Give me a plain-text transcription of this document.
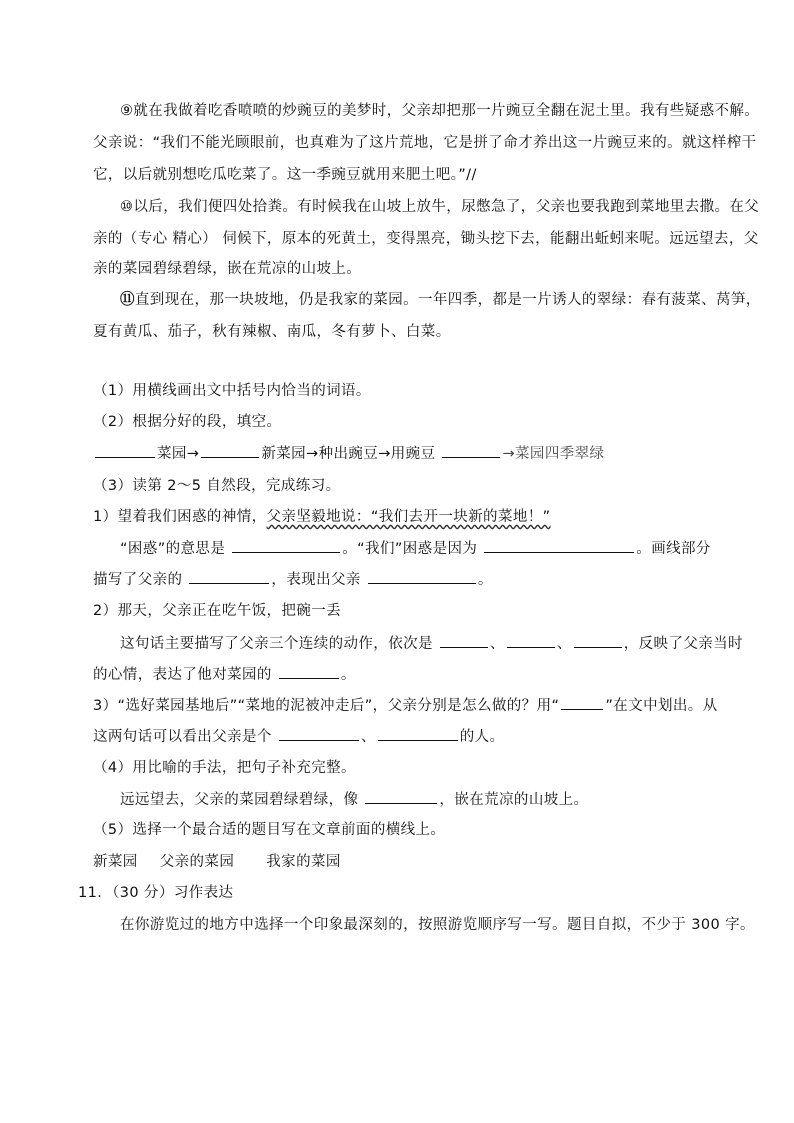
⑨就在我做着吃香喷喷的炒豌豆的美梦时，父亲却把那一片豌豆全翻在泥土里。我有些疑惑不解。
父亲说：“我们不能光顾眼前，也真难为了这片荒地，它是拼了命才养出这一片豌豆来的。就这样榨干
它，以后就别想吃瓜吃菜了。这一季豌豆就用来肥土吧。”//
⑩以后，我们便四处拾粪。有时候我在山坡上放牛，尿憋急了，父亲也要我跑到菜地里去撒。在父
亲的（专心 精心） 伺候下，原本的死黄土，变得黑亮，锄头挖下去，能翻出蚯蚓来呢。远远望去，父
亲的菜园碧绿碧绿，嵌在荒凉的山坡上。
⑪直到现在，那一块坡地，仍是我家的菜园。一年四季，都是一片诱人的翠绿：春有菠菜、莴笋，
夏有黄瓜、茄子，秋有辣椒、南瓜，冬有萝卜、白菜。
（1）用横线画出文中括号内恰当的词语。
（2）根据分好的段，填空。
菜园→	新菜园→种出豌豆→用豌豆	→菜园四季翠绿
（3）读第 2～5 自然段，完成练习。
1）望着我们困惑的神情，父亲坚毅地说：“我们去开一块新的菜地！”
“困惑”的意思是	。“我们”困惑是因为	。画线部分
描写了父亲的	，表现出父亲	。
2）那天，父亲正在吃午饭，把碗一丢
这句话主要描写了父亲三个连续的动作，依次是	、	、	，反映了父亲当时
的心情，表达了他对菜园的	。
3）“选好菜园基地后”“菜地的泥被冲走后”，父亲分别是怎么做的？用“	”在文中划出。从
这两句话可以看出父亲是个	、	的人。
（4）用比喻的手法，把句子补充完整。
远远望去，父亲的菜园碧绿碧绿，像	，嵌在荒凉的山坡上。
（5）选择一个最合适的题目写在文章前面的横线上。
新菜园 父亲的菜园 我家的菜园
11．（30 分）习作表达
在你游览过的地方中选择一个印象最深刻的，按照游览顺序写一写。题目自拟，不少于 300 字。
